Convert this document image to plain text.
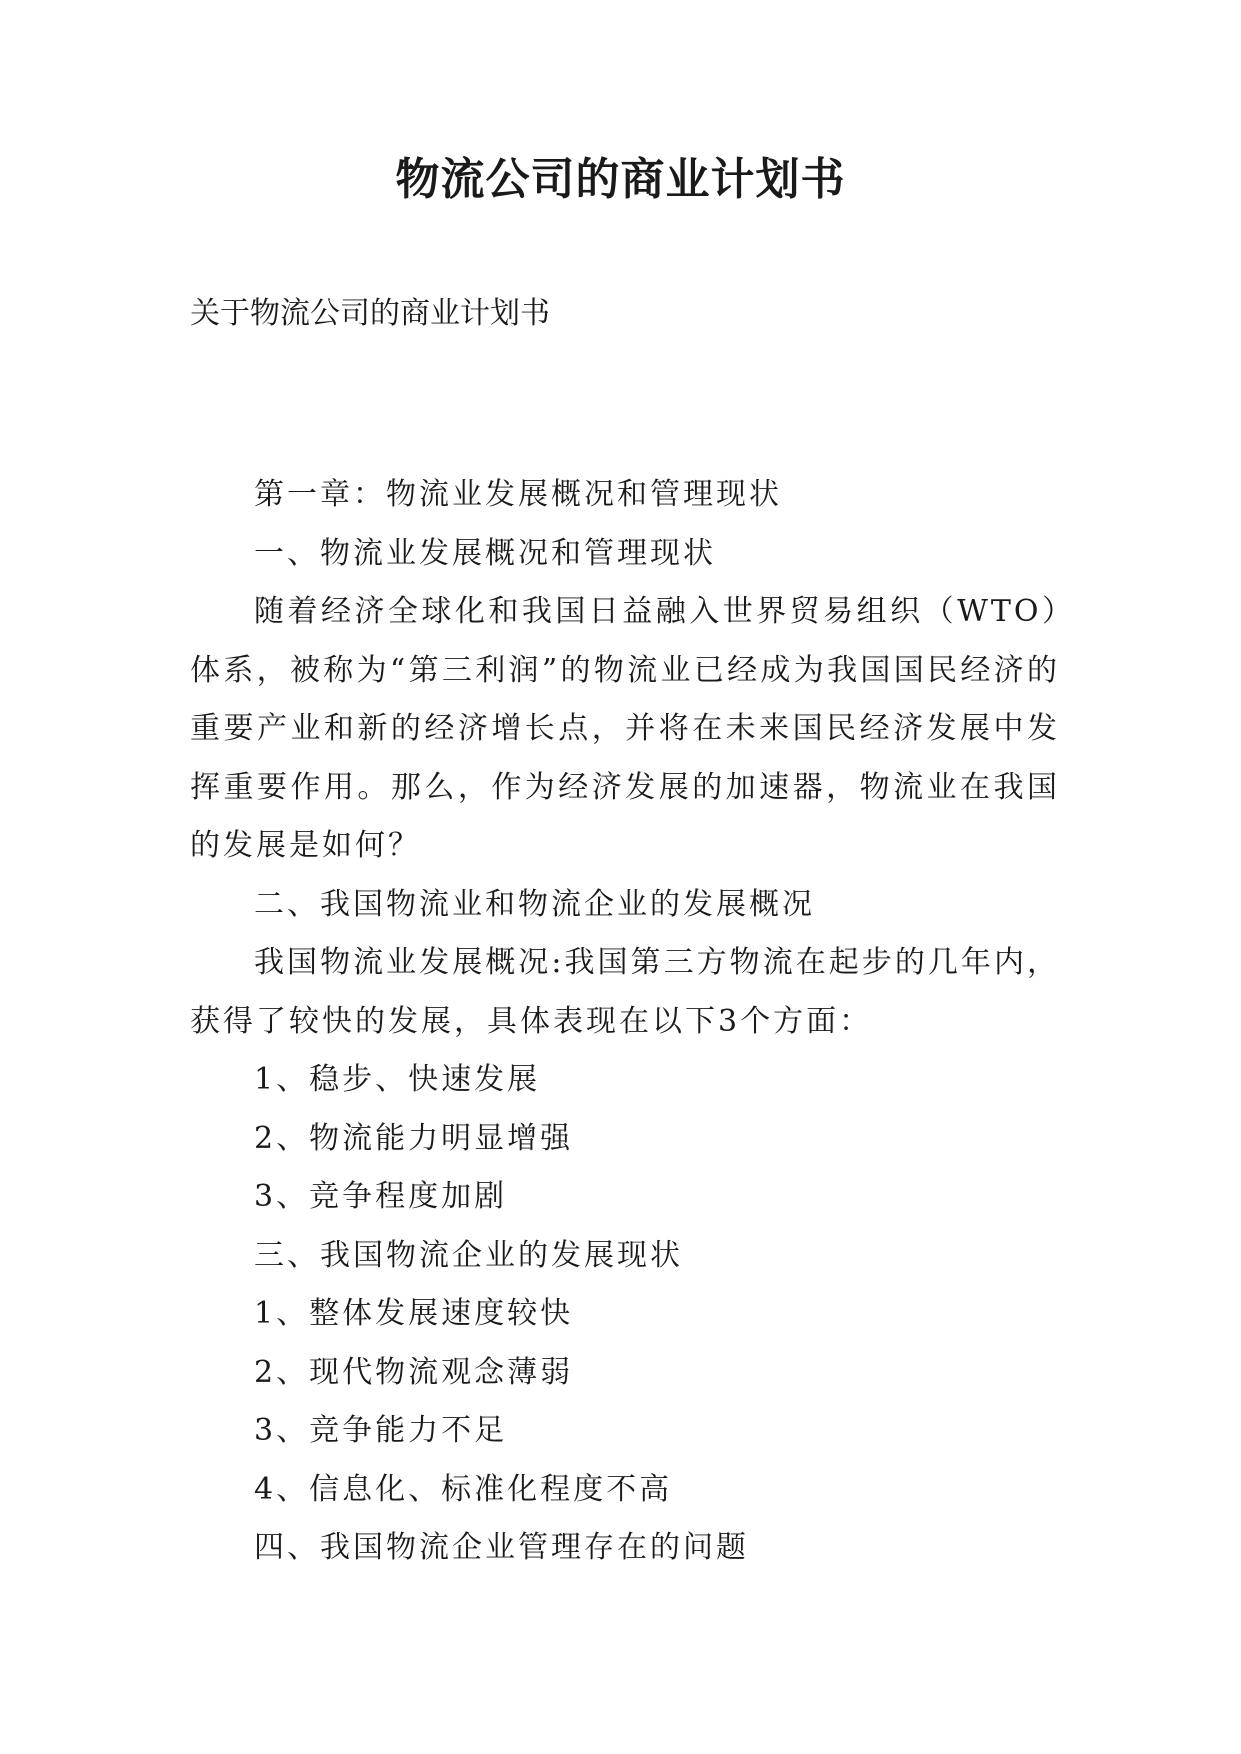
物流公司的商业计划书

关于物流公司的商业计划书

第一章：物流业发展概况和管理现状

一、物流业发展概况和管理现状

随着经济全球化和我国日益融入世界贸易组织（WTO）体系，被称为“第三利润”的物流业已经成为我国国民经济的重要产业和新的经济增长点，并将在未来国民经济发展中发挥重要作用。那么，作为经济发展的加速器，物流业在我国的发展是如何？

二、我国物流业和物流企业的发展概况

我国物流业发展概况:我国第三方物流在起步的几年内，获得了较快的发展，具体表现在以下3个方面：

1、稳步、快速发展

2、物流能力明显增强

3、竞争程度加剧

三、我国物流企业的发展现状

1、整体发展速度较快

2、现代物流观念薄弱

3、竞争能力不足

4、信息化、标准化程度不高

四、我国物流企业管理存在的问题
